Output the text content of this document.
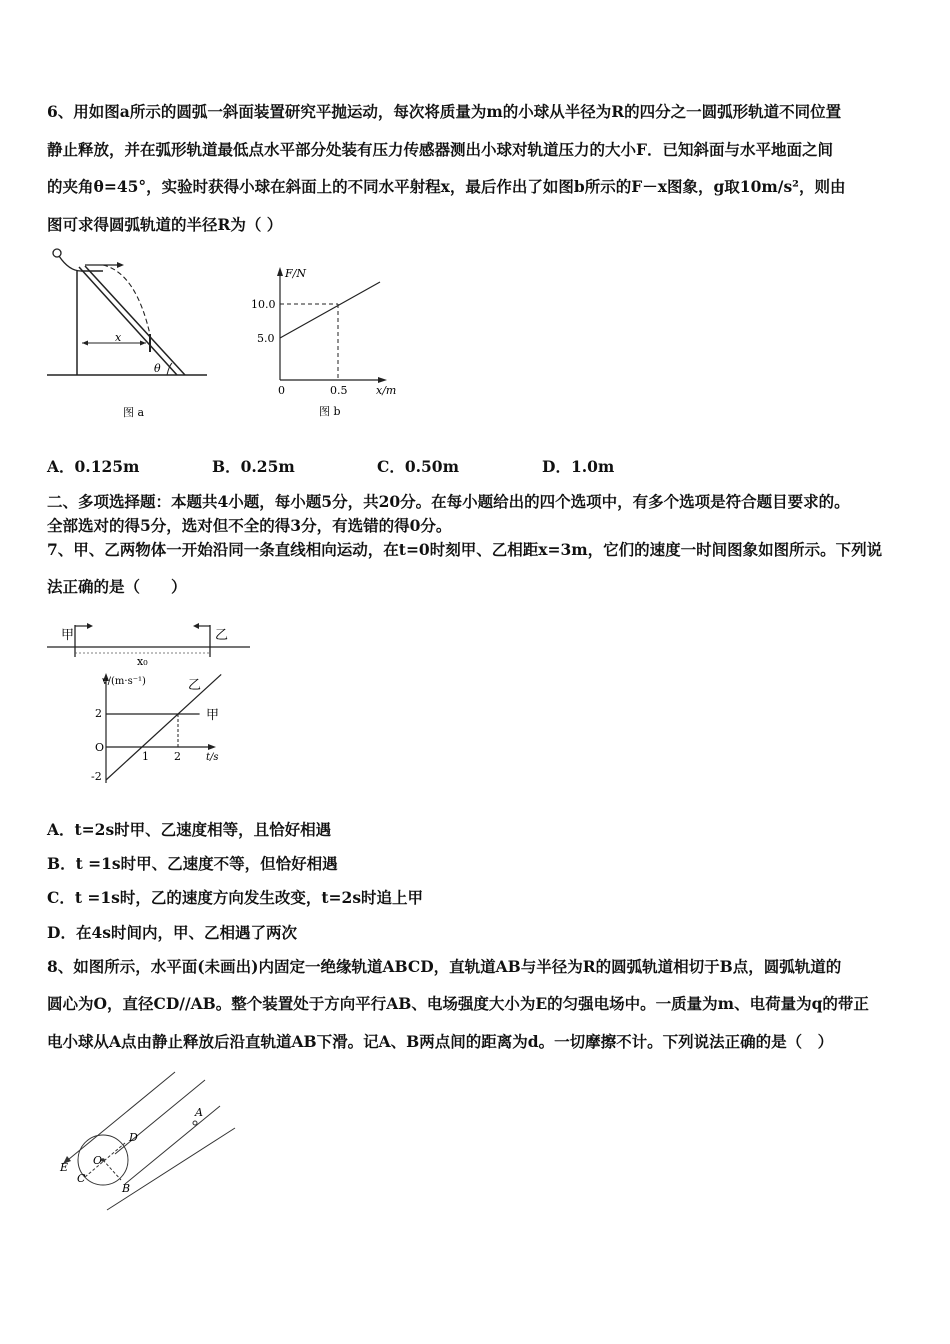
6、用如图a所示的圆弧一斜面装置研究平抛运动，每次将质量为m的小球从半径为R的四分之一圆弧形轨道不同位置
静止释放，并在弧形轨道最低点水平部分处装有压力传感器测出小球对轨道压力的大小F．已知斜面与水平地面之间
的夹角θ=45°，实验时获得小球在斜面上的不同水平射程x，最后作出了如图b所示的F－x图象，g取10m/s²，则由
图可求得圆弧轨道的半径R为（ ）
x
θ
图 a
F/N
10.0
5.0
0	0.5	x/m
图 b
A．0.125m	B．0.25m	C．0.50m	D．1.0m
二、多项选择题：本题共4小题，每小题5分，共20分。在每小题给出的四个选项中，有多个选项是符合题目要求的。
全部选对的得5分，选对但不全的得3分，有选错的得0分。
7、甲、乙两物体一开始沿同一条直线相向运动，在t=0时刻甲、乙相距x=3m，它们的速度一时间图象如图所示。下列说
法正确的是（　　）
甲	乙
x₀
v/(m·s⁻¹)
t/s
2
O
-2
1 2
甲
乙
A．t=2s时甲、乙速度相等，且恰好相遇
B．t =1s时甲、乙速度不等，但恰好相遇
C．t =1s时，乙的速度方向发生改变，t=2s时追上甲
D．在4s时间内，甲、乙相遇了两次
8、如图所示，水平面(未画出)内固定一绝缘轨道ABCD，直轨道AB与半径为R的圆弧轨道相切于B点，圆弧轨道的
圆心为O，直径CD//AB。整个装置处于方向平行AB、电场强度大小为E的匀强电场中。一质量为m、电荷量为q的带正
电小球从A点由静止释放后沿直轨道AB下滑。记A、B两点间的距离为d。一切摩擦不计。下列说法正确的是（　）
A
B
C
D
O
E
